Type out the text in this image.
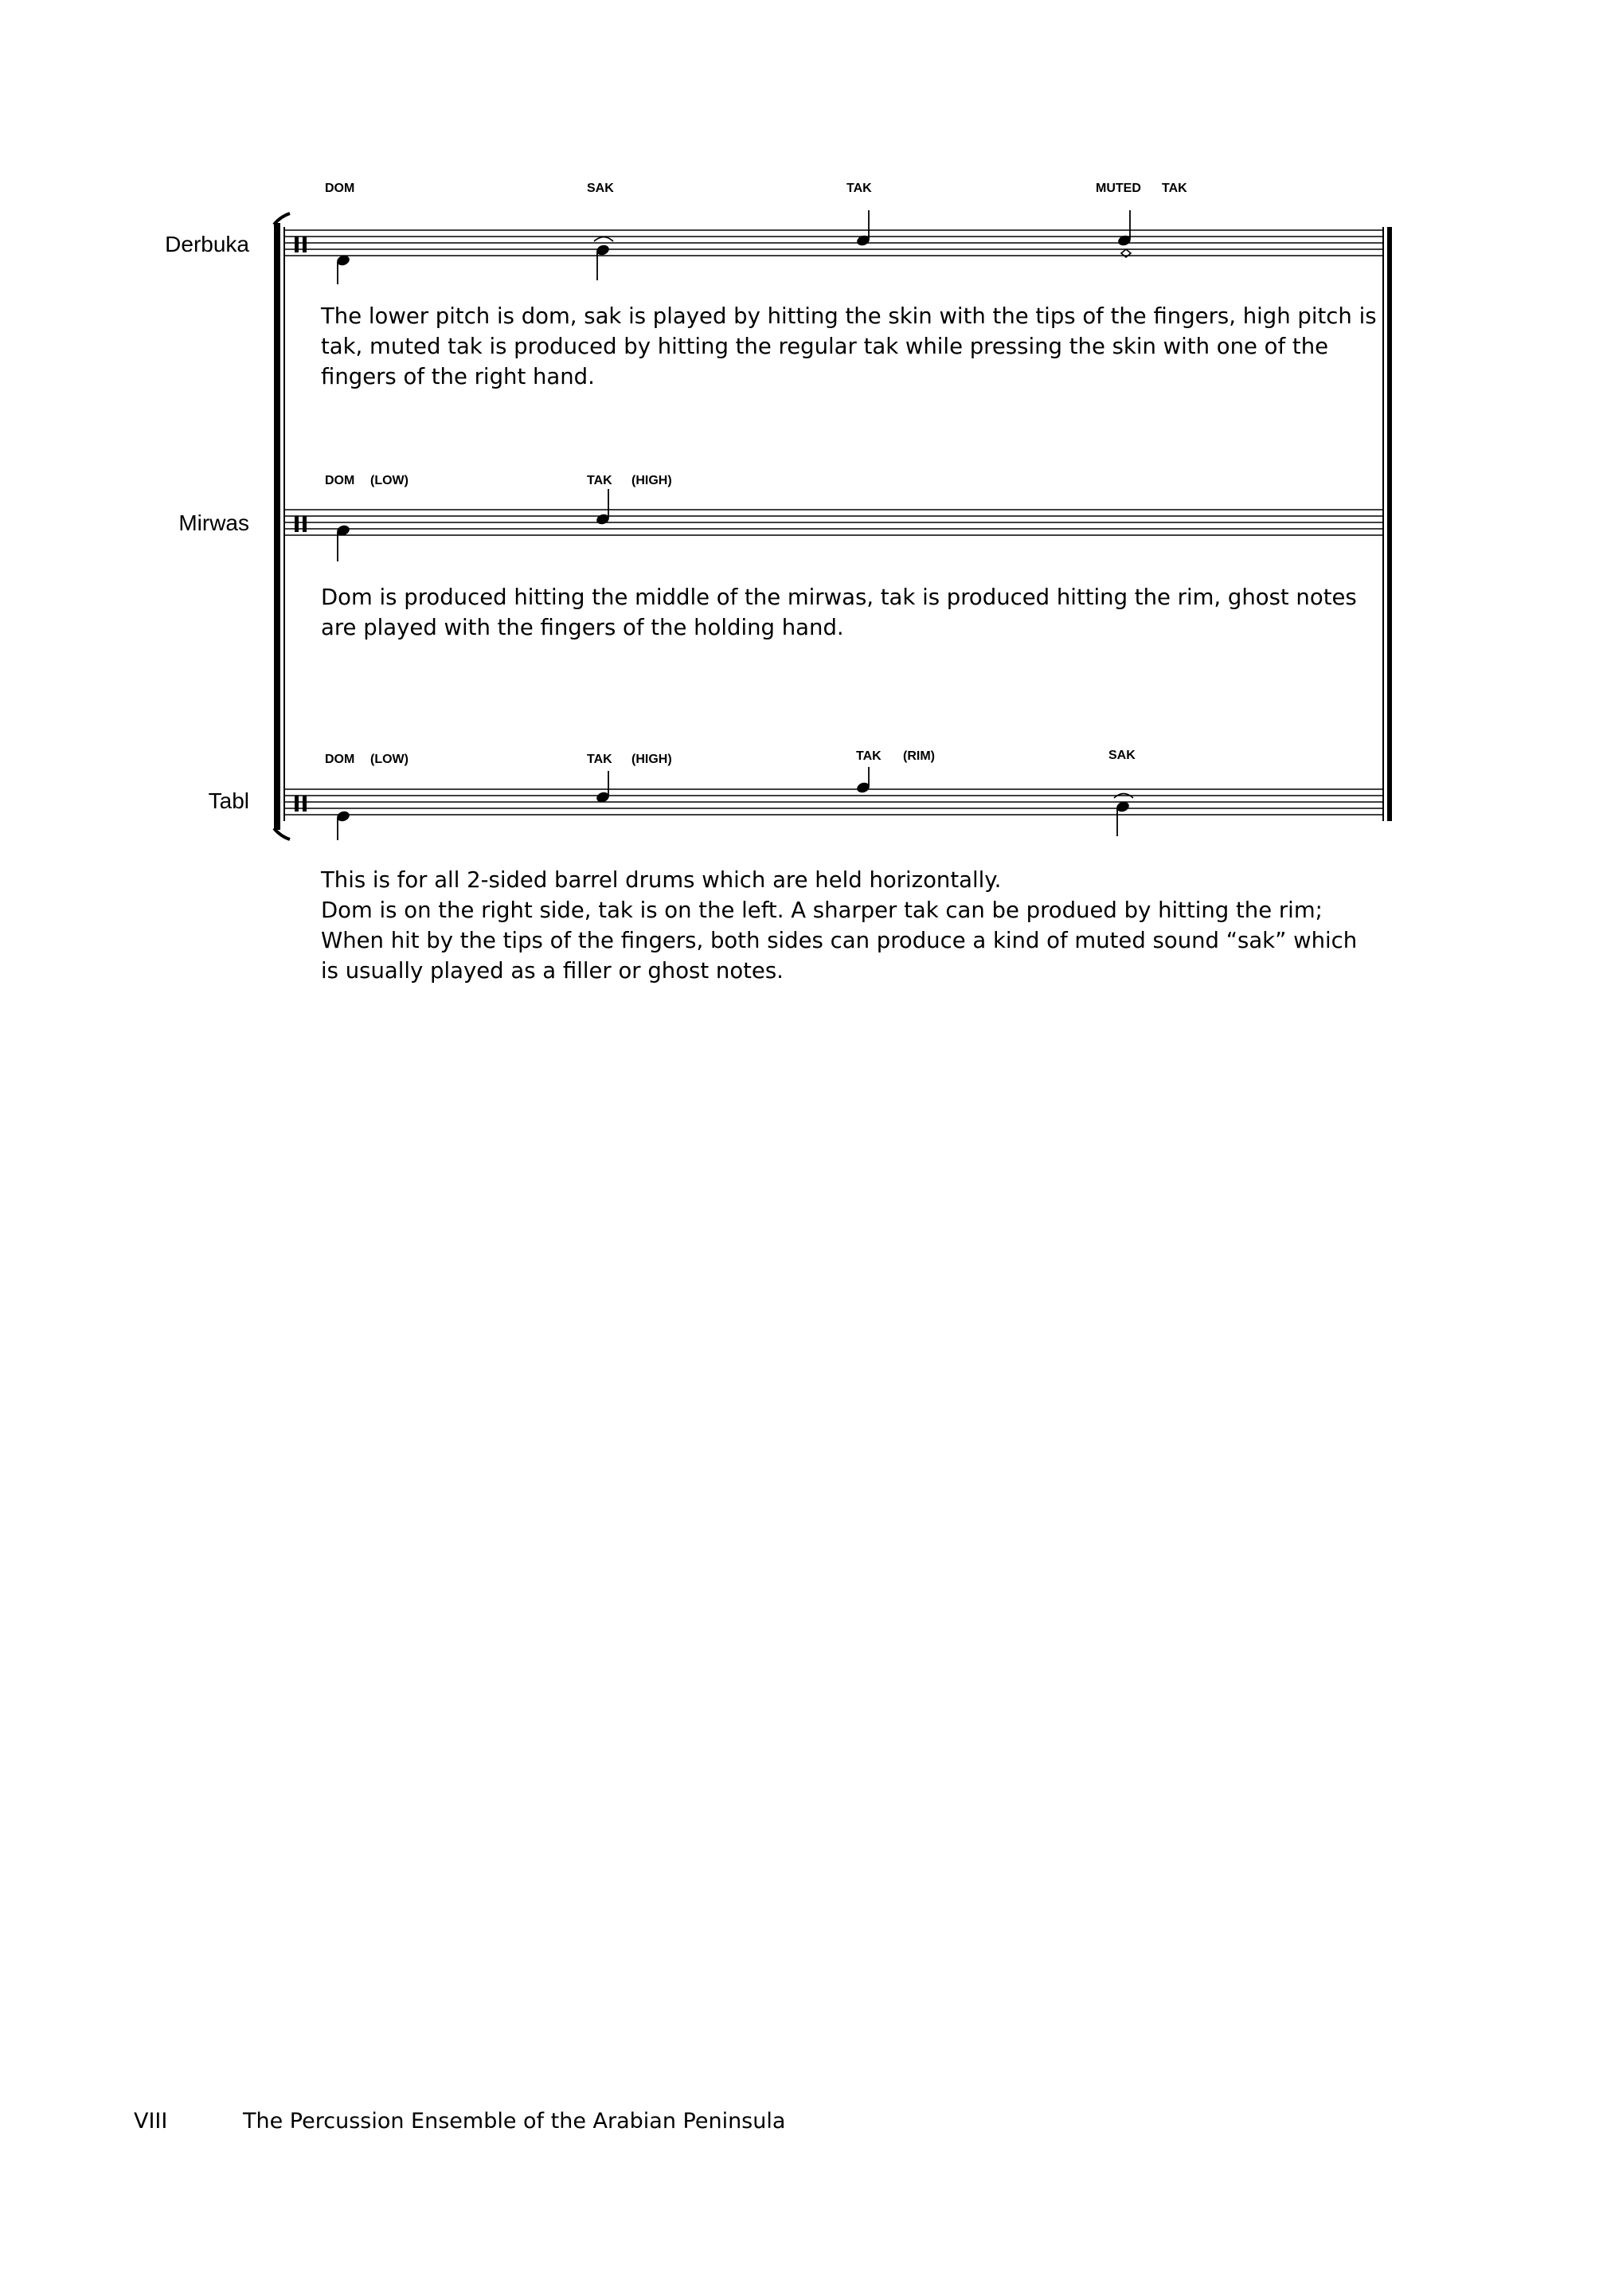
Derbuka
DOM	SAK	TAK	MUTED TAK
Mirwas
DOM (LOW)	TAK (HIGH)
Tabl
DOM (LOW)	TAK (HIGH)	TAK (RIM)	SAK

The lower pitch is dom, sak is played by hitting the skin with the tips of the fingers, high pitch is tak, muted tak is produced by hitting the regular tak while pressing the skin with one of the fingers of the right hand.

Dom is produced hitting the middle of the mirwas, tak is produced hitting the rim, ghost notes are played with the fingers of the holding hand.

This is for all 2-sided barrel drums which are held horizontally.

Dom is on the right side, tak is on the left. A sharper tak can be produed by hitting the rim;

When hit by the tips of the fingers, both sides can produce a kind of muted sound “sak” which is usually played as a filler or ghost notes.

VIII	The Percussion Ensemble of the Arabian Peninsula
